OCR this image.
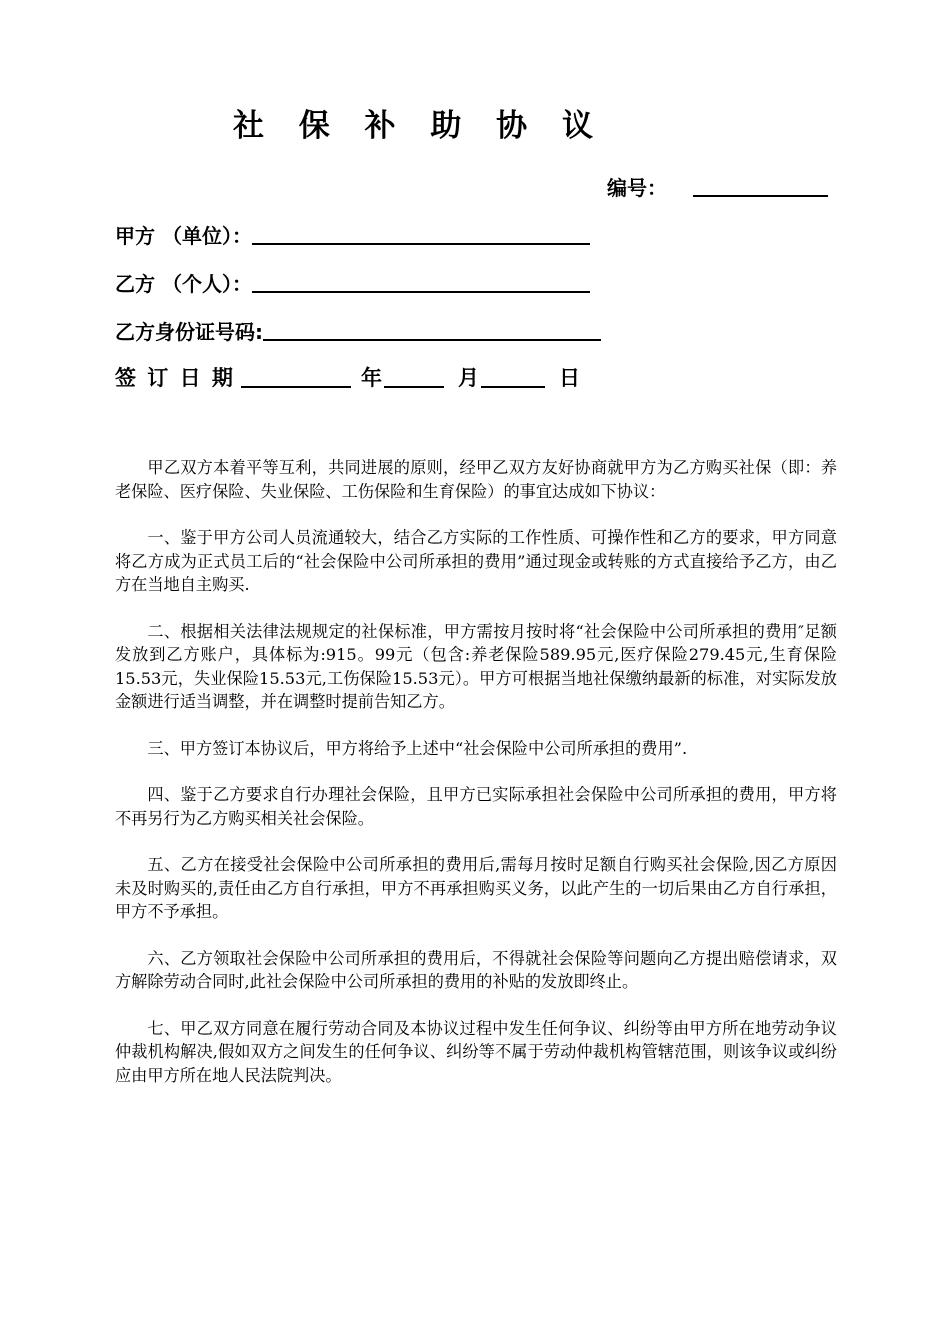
社 保 补 助 协 议
编号：
甲方 （单位）：
乙方 （个人）：
乙方身份证号码:
签 订 日 期	年	月	日

甲乙双方本着平等互利，共同进展的原则，经甲乙双方友好协商就甲方为乙方购买社保（即：养老保险、医疗保险、失业保险、工伤保险和生育保险）的事宜达成如下协议：

一、鉴于甲方公司人员流通较大，结合乙方实际的工作性质、可操作性和乙方的要求，甲方同意将乙方成为正式员工后的“社会保险中公司所承担的费用”通过现金或转账的方式直接给予乙方，由乙方在当地自主购买.

二、根据相关法律法规规定的社保标准，甲方需按月按时将“社会保险中公司所承担的费用″足额发放到乙方账户，具体标为:915。99元（包含:养老保险589.95元,医疗保险279.45元,生育保险15.53元，失业保险15.53元,工伤保险15.53元）。甲方可根据当地社保缴纳最新的标准，对实际发放金额进行适当调整，并在调整时提前告知乙方。

三、甲方签订本协议后，甲方将给予上述中“社会保险中公司所承担的费用”.

四、鉴于乙方要求自行办理社会保险，且甲方已实际承担社会保险中公司所承担的费用，甲方将不再另行为乙方购买相关社会保险。

五、乙方在接受社会保险中公司所承担的费用后,需每月按时足额自行购买社会保险,因乙方原因未及时购买的,责任由乙方自行承担，甲方不再承担购买义务，以此产生的一切后果由乙方自行承担，甲方不予承担。

六、乙方领取社会保险中公司所承担的费用后，不得就社会保险等问题向乙方提出赔偿请求，双方解除劳动合同时,此社会保险中公司所承担的费用的补贴的发放即终止。

七、甲乙双方同意在履行劳动合同及本协议过程中发生任何争议、纠纷等由甲方所在地劳动争议仲裁机构解决,假如双方之间发生的任何争议、纠纷等不属于劳动仲裁机构管辖范围，则该争议或纠纷应由甲方所在地人民法院判决。
